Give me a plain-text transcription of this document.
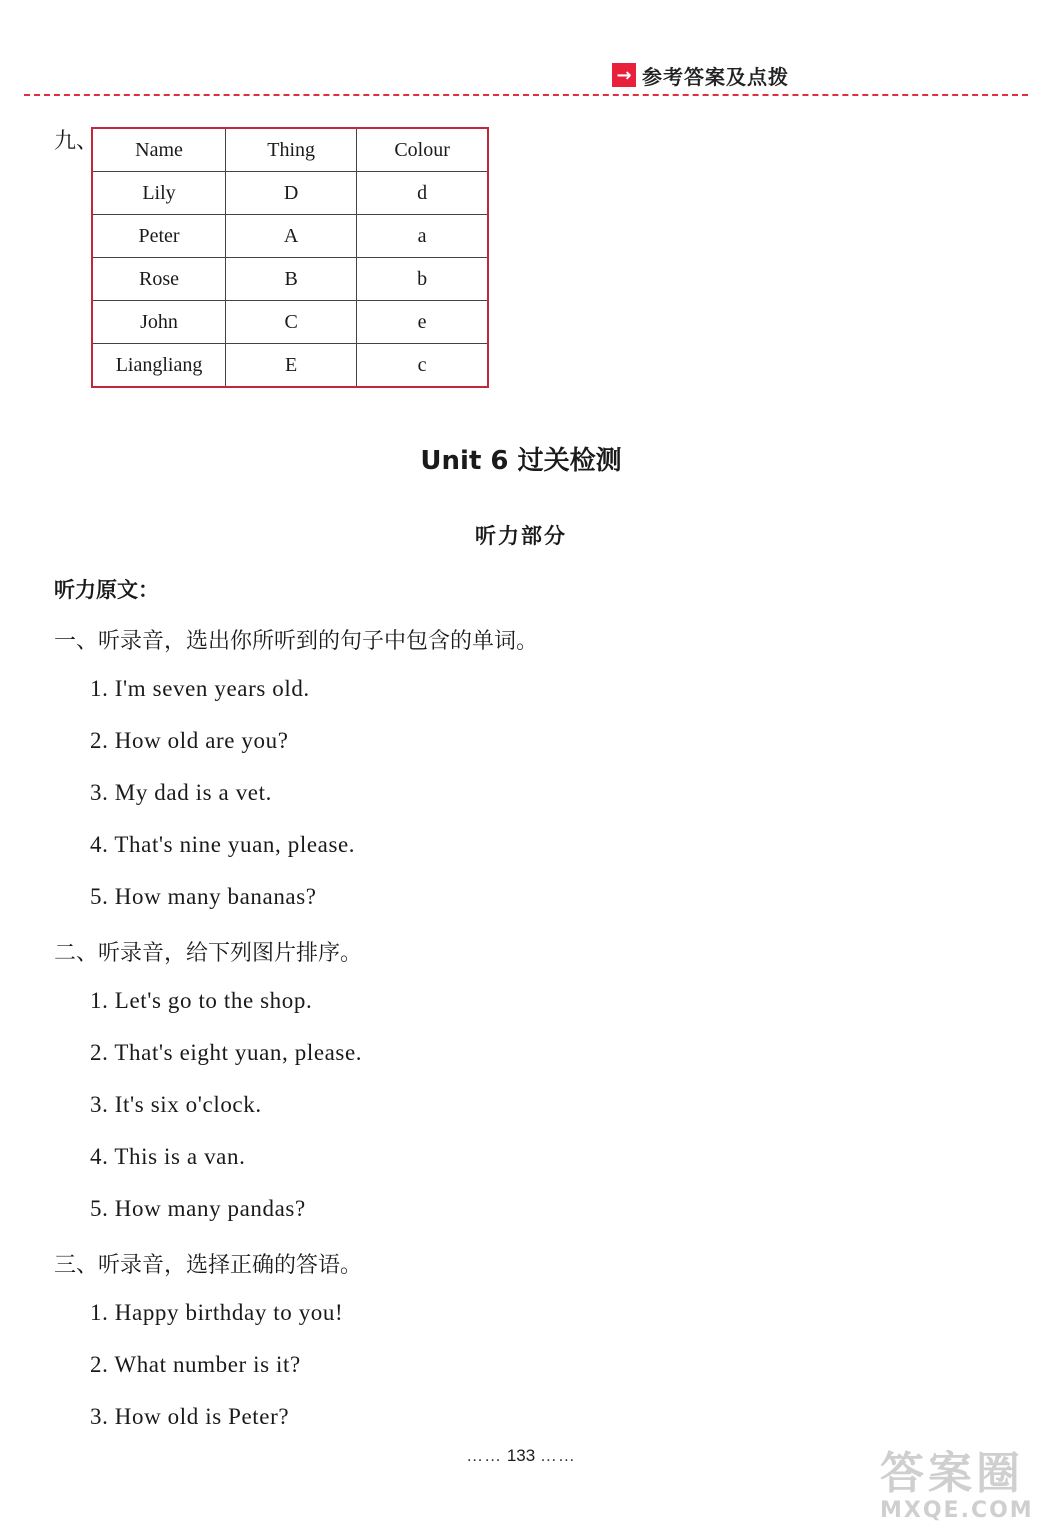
→ 参考答案及点拨
九、 Name	Thing	Colour
Lily	D	d
Peter	A	a
Rose	B	b
John	C	e
Liangliang	E	c
Unit 6 过关检测
听力部分
听力原文：
一、听录音，选出你所听到的句子中包含的单词。
1. I'm seven years old.
2. How old are you?
3. My dad is a vet.
4. That's nine yuan, please.
5. How many bananas?
二、听录音，给下列图片排序。
1. Let's go to the shop.
2. That's eight yuan, please.
3. It's six o'clock.
4. This is a van.
5. How many pandas?
三、听录音，选择正确的答语。
1. Happy birthday to you!
2. What number is it?
3. How old is Peter?
…… 133 ……	答案圈
MXQE.COM
